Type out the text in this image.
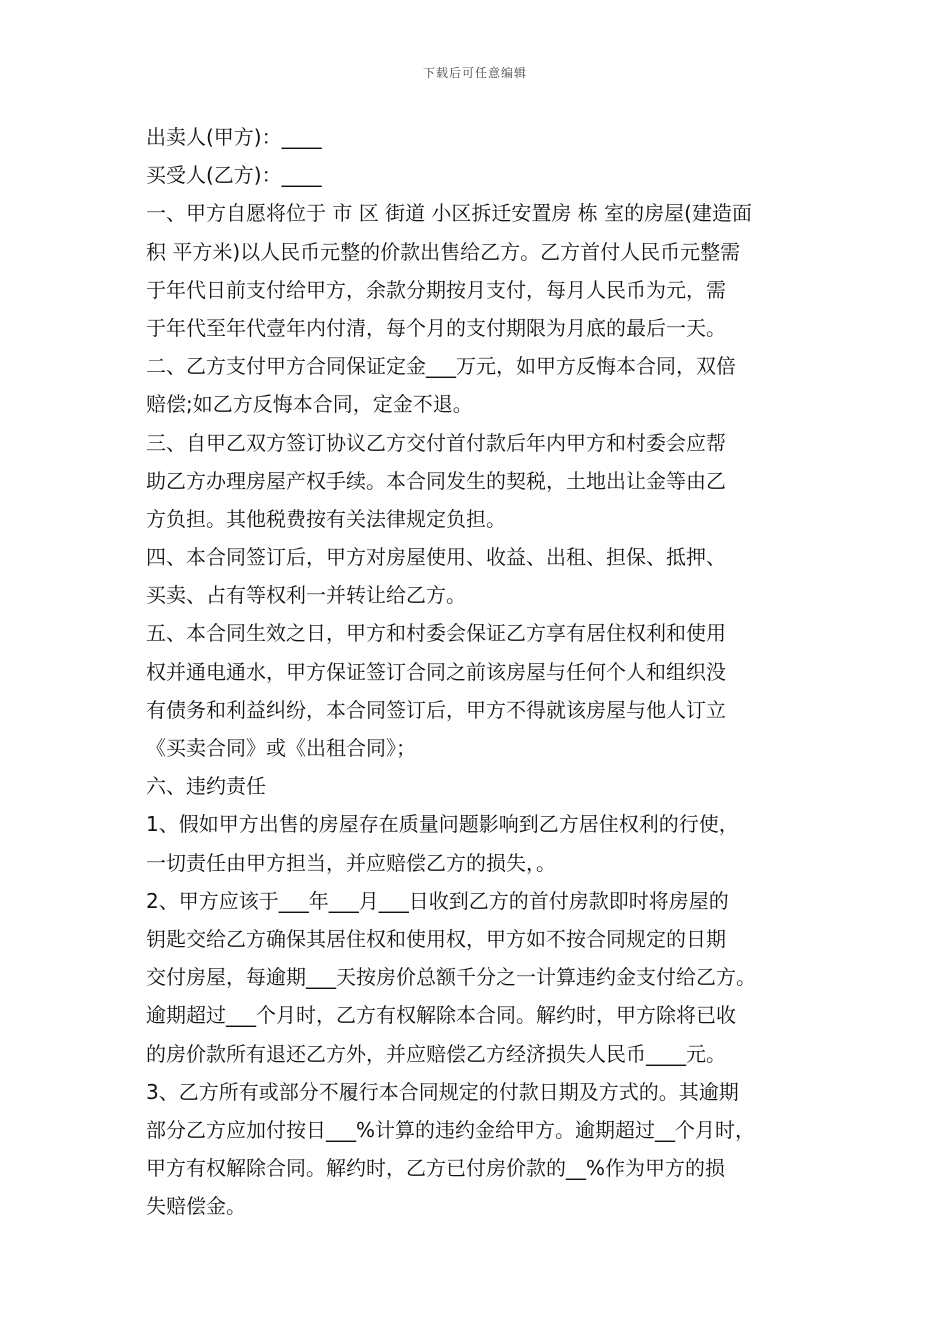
下载后可任意编辑
出卖人(甲方)：____
买受人(乙方)：____
一、甲方自愿将位于 市 区 街道 小区拆迁安置房 栋 室的房屋(建造面
积 平方米)以人民币元整的价款出售给乙方。乙方首付人民币元整需
于年代日前支付给甲方，余款分期按月支付，每月人民币为元，需
于年代至年代壹年内付清，每个月的支付期限为月底的最后一天。
二、乙方支付甲方合同保证定金___万元，如甲方反悔本合同，双倍
赔偿;如乙方反悔本合同，定金不退。
三、自甲乙双方签订协议乙方交付首付款后年内甲方和村委会应帮
助乙方办理房屋产权手续。本合同发生的契税，土地出让金等由乙
方负担。其他税费按有关法律规定负担。
四、本合同签订后，甲方对房屋使用、收益、出租、担保、抵押、
买卖、占有等权利一并转让给乙方。
五、本合同生效之日，甲方和村委会保证乙方享有居住权利和使用
权并通电通水，甲方保证签订合同之前该房屋与任何个人和组织没
有债务和利益纠纷，本合同签订后，甲方不得就该房屋与他人订立
《买卖合同》或《出租合同》；
六、违约责任
1、假如甲方出售的房屋存在质量问题影响到乙方居住权利的行使，
一切责任由甲方担当，并应赔偿乙方的损失，。
2、甲方应该于___年___月___日收到乙方的首付房款即时将房屋的
钥匙交给乙方确保其居住权和使用权，甲方如不按合同规定的日期
交付房屋，每逾期___天按房价总额千分之一计算违约金支付给乙方。
逾期超过___个月时，乙方有权解除本合同。解约时，甲方除将已收
的房价款所有退还乙方外，并应赔偿乙方经济损失人民币____元。
3、乙方所有或部分不履行本合同规定的付款日期及方式的。其逾期
部分乙方应加付按日___%计算的违约金给甲方。逾期超过__个月时，
甲方有权解除合同。解约时，乙方已付房价款的__%作为甲方的损
失赔偿金。
